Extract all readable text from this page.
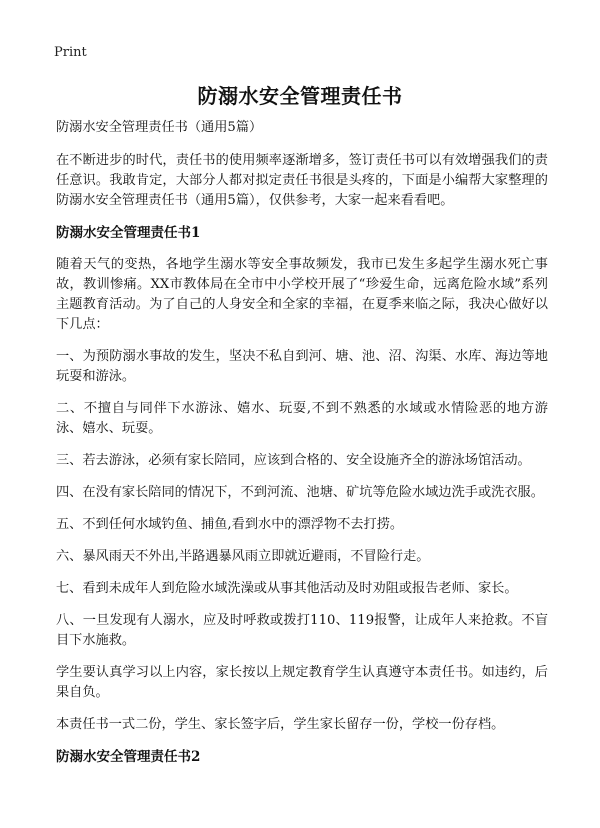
Print
防溺水安全管理责任书

防溺水安全管理责任书（通用5篇）

在不断进步的时代，责任书的使用频率逐渐增多，签订责任书可以有效增强我们的责任意识。我敢肯定，大部分人都对拟定责任书很是头疼的，下面是小编帮大家整理的防溺水安全管理责任书（通用5篇），仅供参考，大家一起来看看吧。

防溺水安全管理责任书1

随着天气的变热，各地学生溺水等安全事故频发，我市已发生多起学生溺水死亡事故，教训惨痛。XX市教体局在全市中小学校开展了“珍爱生命，远离危险水域”系列主题教育活动。为了自己的人身安全和全家的幸福，在夏季来临之际，我决心做好以下几点：

一、为预防溺水事故的发生，坚决不私自到河、塘、池、沼、沟渠、水库、海边等地玩耍和游泳。

二、不擅自与同伴下水游泳、嬉水、玩耍,不到不熟悉的水域或水情险恶的地方游泳、嬉水、玩耍。

三、若去游泳，必须有家长陪同，应该到合格的、安全设施齐全的游泳场馆活动。

四、在没有家长陪同的情况下，不到河流、池塘、矿坑等危险水域边洗手或洗衣服。

五、不到任何水域钓鱼、捕鱼,看到水中的漂浮物不去打捞。

六、暴风雨天不外出,半路遇暴风雨立即就近避雨，不冒险行走。

七、看到未成年人到危险水域洗澡或从事其他活动及时劝阻或报告老师、家长。

八、一旦发现有人溺水，应及时呼救或拨打110、119报警，让成年人来抢救。不盲目下水施救。

学生要认真学习以上内容，家长按以上规定教育学生认真遵守本责任书。如违约，后果自负。

本责任书一式二份，学生、家长签字后，学生家长留存一份，学校一份存档。

防溺水安全管理责任书2
